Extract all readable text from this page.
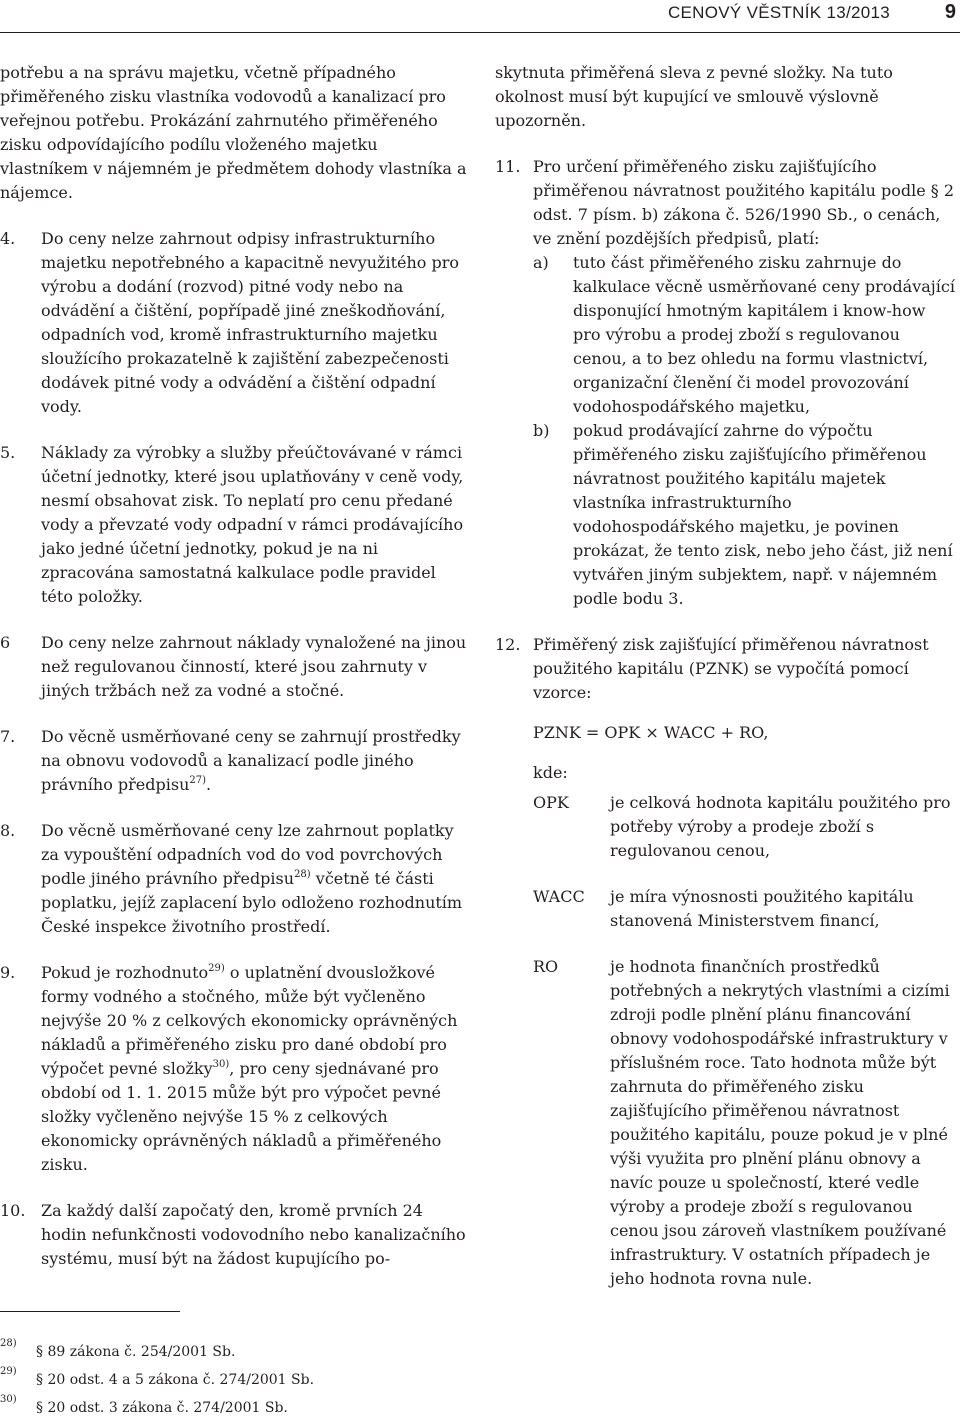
CENOVÝ VĚSTNÍK 13/2013	9

potřebu a na správu majetku, včetně případného přiměřeného zisku vlastníka vodovodů a kanalizací pro veřejnou potřebu. Prokázání zahrnutého přiměřeného zisku odpovídajícího podílu vloženého majetku vlastníkem v nájemném je předmětem dohody vlastníka a nájemce.

4.	Do ceny nelze zahrnout odpisy infrastrukturního majetku nepotřebného a kapacitně nevyužitého pro výrobu a dodání (rozvod) pitné vody nebo na odvádění a čištění, popřípadě jiné zneškodňování, odpadních vod, kromě infrastrukturního majetku sloužícího prokazatelně k zajištění zabezpečenosti dodávek pitné vody a odvádění a čištění odpadní vody.

5.	Náklady za výrobky a služby přeúčtovávané v rámci účetní jednotky, které jsou uplatňovány v ceně vody, nesmí obsahovat zisk. To neplatí pro cenu předané vody a převzaté vody odpadní v rámci prodávajícího jako jedné účetní jednotky, pokud je na ni zpracována samostatná kalkulace podle pravidel této položky.

6	Do ceny nelze zahrnout náklady vynaložené na jinou než regulovanou činností, které jsou zahrnuty v jiných tržbách než za vodné a stočné.

7.	Do věcně usměrňované ceny se zahrnují prostředky na obnovu vodovodů a kanalizací podle jiného právního předpisu$^{27)}$.

8.	Do věcně usměrňované ceny lze zahrnout poplatky za vypouštění odpadních vod do vod povrchových podle jiného právního předpisu$^{28)}$ včetně té části poplatku, jejíž zaplacení bylo odloženo rozhodnutím České inspekce životního prostředí.

9.	Pokud je rozhodnuto$^{29)}$ o uplatnění dvousložkové formy vodného a stočného, může být vyčleněno nejvýše 20 % z celkových ekonomicky oprávněných nákladů a přiměřeného zisku pro dané období pro výpočet pevné složky$^{30)}$, pro ceny sjednávané pro období od 1. 1. 2015 může být pro výpočet pevné složky vyčleněno nejvýše 15 % z celkových ekonomicky oprávněných nákladů a přiměřeného zisku.

10. Za každý další započatý den, kromě prvních 24 hodin nefunkčnosti vodovodního nebo kanalizačního systému, musí být na žádost kupujícího po-

skytnuta přiměřená sleva z pevné složky. Na tuto okolnost musí být kupující ve smlouvě výslovně upozorněn.

11. Pro určení přiměřeného zisku zajišťujícího přiměřenou návratnost použitého kapitálu podle § 2 odst. 7 písm. b) zákona č. 526/1990 Sb., o cenách, ve znění pozdějších předpisů, platí:

a)	tuto část přiměřeného zisku zahrnuje do kalkulace věcně usměrňované ceny prodávající disponující hmotným kapitálem i know-how pro výrobu a prodej zboží s regulovanou cenou, a to bez ohledu na formu vlastnictví, organizační členění či model provozování vodohospodářského majetku,

b)	pokud prodávající zahrne do výpočtu přiměřeného zisku zajišťujícího přiměřenou návratnost použitého kapitálu majetek vlastníka infrastrukturního vodohospodářského majetku, je povinen prokázat, že tento zisk, nebo jeho část, již není vytvářen jiným subjektem, např. v nájemném podle bodu 3.

12. Přiměřený zisk zajišťující přiměřenou návratnost použitého kapitálu (PZNK) se vypočítá pomocí vzorce:

PZNK = OPK × WACC + RO,
kde:
OPK	je celková hodnota kapitálu použitého pro potřeby výroby a prodeje zboží s regulovanou cenou,

WACC	je míra výnosnosti použitého kapitálu stanovená Ministerstvem financí,

RO	je hodnota finančních prostředků potřebných a nekrytých vlastními a cizími zdroji podle plnění plánu financování obnovy vodohospodářské infrastruktury v příslušném roce. Tato hodnota může být zahrnuta do přiměřeného zisku zajišťujícího přiměřenou návratnost použitého kapitálu, pouze pokud je v plné výši využita pro plnění plánu obnovy a navíc pouze u společností, které vedle výroby a prodeje zboží s regulovanou cenou jsou zároveň vlastníkem používané infrastruktury. V ostatních případech je jeho hodnota rovna nule.

28)
§ 89 zákona č. 254/2001 Sb.
29)
§ 20 odst. 4 a 5 zákona č. 274/2001 Sb.
30)
§ 20 odst. 3 zákona č. 274/2001 Sb.
